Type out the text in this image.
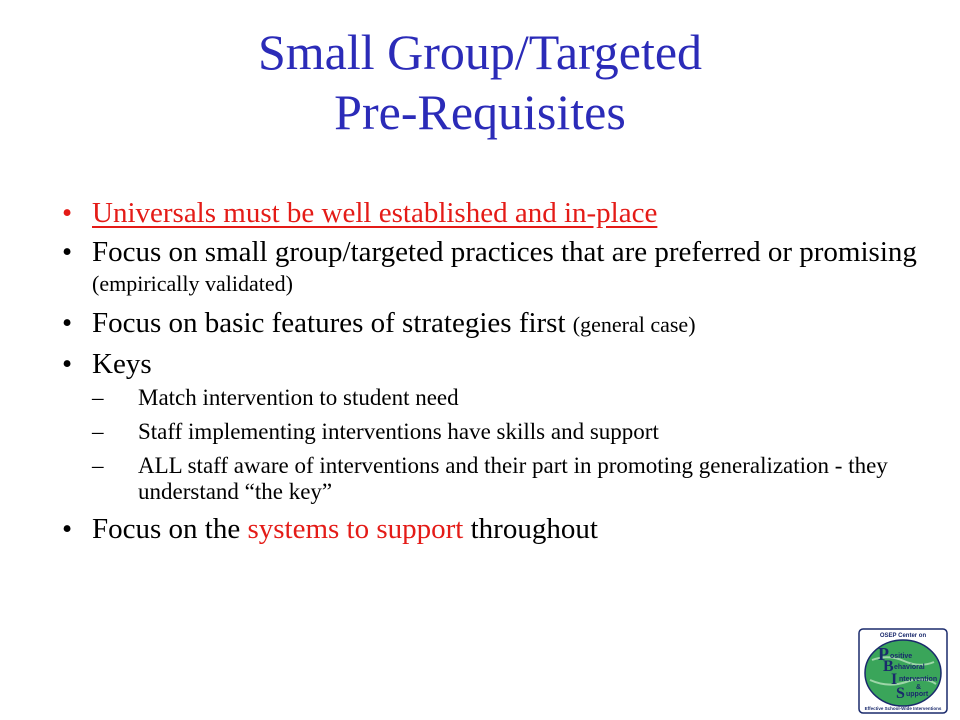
Small Group/Targeted
Pre-Requisites
• Universals must be well established and in-place
• Focus on small group/targeted practices that are preferred or promising (empirically validated)
• Focus on basic features of strategies first (general case)
• Keys
– Match intervention to student need
– Staff implementing interventions have skills and support
– ALL staff aware of interventions and their part in promoting generalization - they understand “the key”
• Focus on the systems to support throughout
OSEP Center on
P ositive
B ehavioral
I ntervention
&
S upport
Effective School-Wide Interventions
